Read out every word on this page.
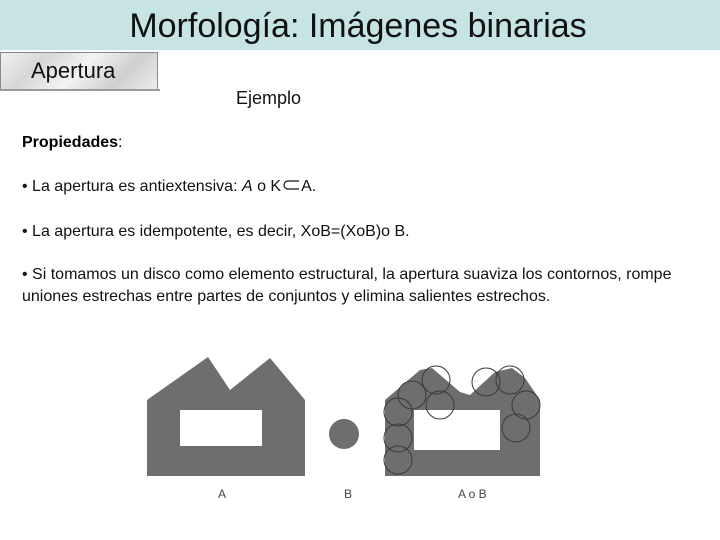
Morfología: Imágenes binarias
Apertura
Ejemplo
Propiedades:
• La apertura es antiextensiva: A o K A.
• La apertura es idempotente, es decir, XoB=(XoB)o B.
• Si tomamos un disco como elemento estructural, la apertura suaviza los contornos, rompe uniones estrechas entre partes de conjuntos y elimina salientes estrechos.
A	B	A o B
